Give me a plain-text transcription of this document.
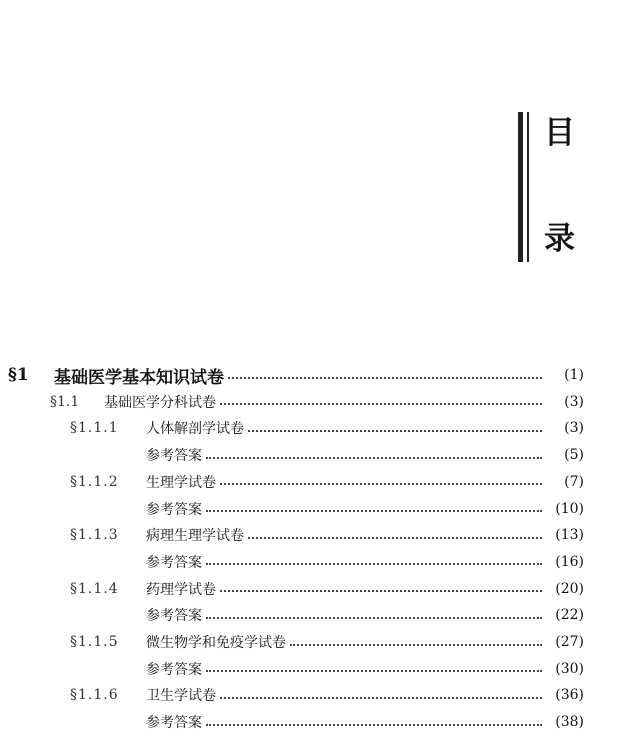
目
录
§1	基础医学基本知识试卷	(1)
§1.1	基础医学分科试卷	(3)
§1.1.1	人体解剖学试卷	(3)
参考答案	(5)
§1.1.2	生理学试卷	(7)
参考答案	(10)
§1.1.3	病理生理学试卷	(13)
参考答案	(16)
§1.1.4	药理学试卷	(20)
参考答案	(22)
§1.1.5	微生物学和免疫学试卷	(27)
参考答案	(30)
§1.1.6	卫生学试卷	(36)
参考答案	(38)
